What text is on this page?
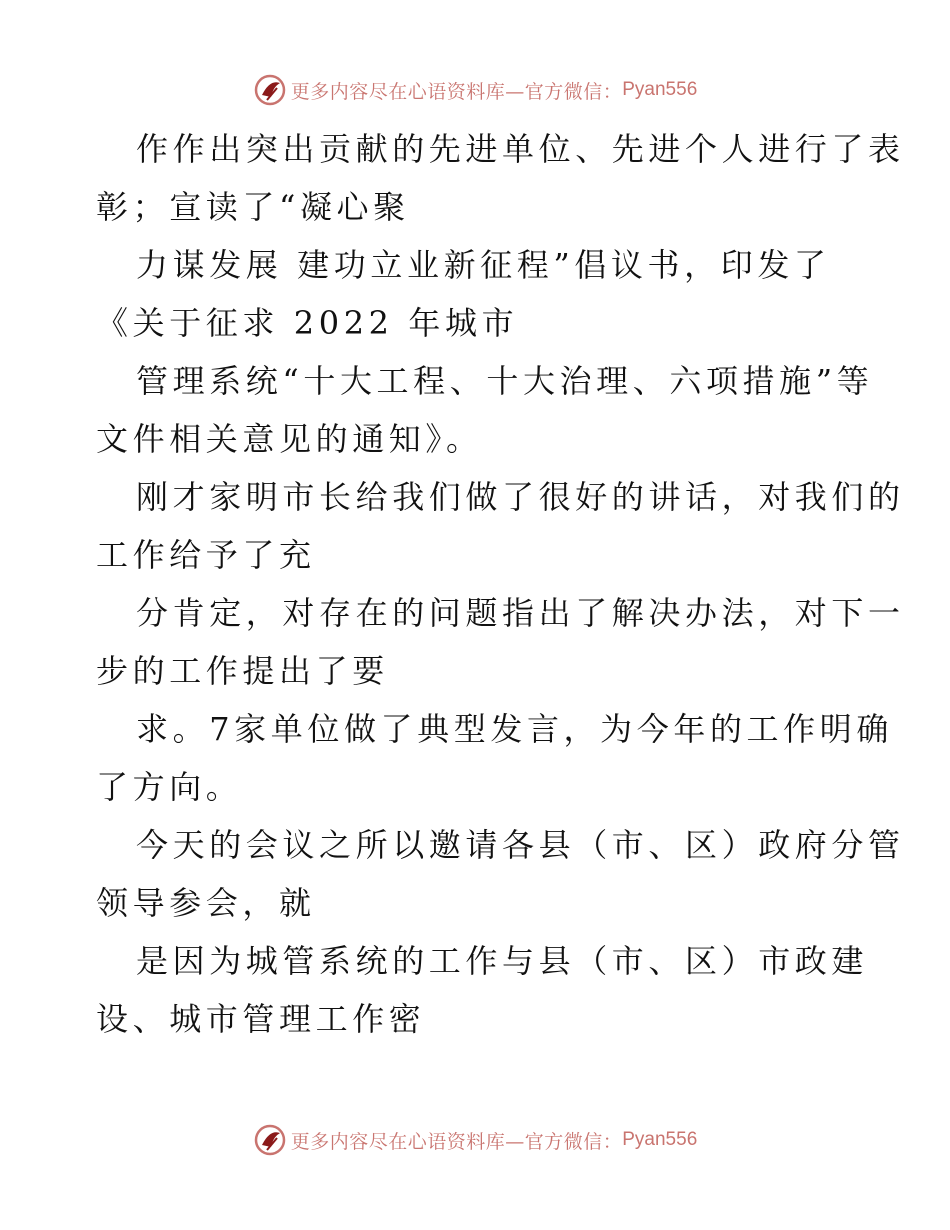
更多内容尽在心语资料库—官方微信： Pyan556
作作出突出贡献的先进单位、先进个人进行了表
彰；宣读了“凝心聚
力谋发展 建功立业新征程”倡议书，印发了
《关于征求 2022 年城市
管理系统“十大工程、十大治理、六项措施”等
文件相关意见的通知》。
刚才家明市长给我们做了很好的讲话，对我们的
工作给予了充
分肯定，对存在的问题指出了解决办法，对下一
步的工作提出了要
求。7家单位做了典型发言，为今年的工作明确
了方向。
今天的会议之所以邀请各县（市、区）政府分管
领导参会，就
是因为城管系统的工作与县（市、区）市政建
设、城市管理工作密
更多内容尽在心语资料库—官方微信： Pyan556
